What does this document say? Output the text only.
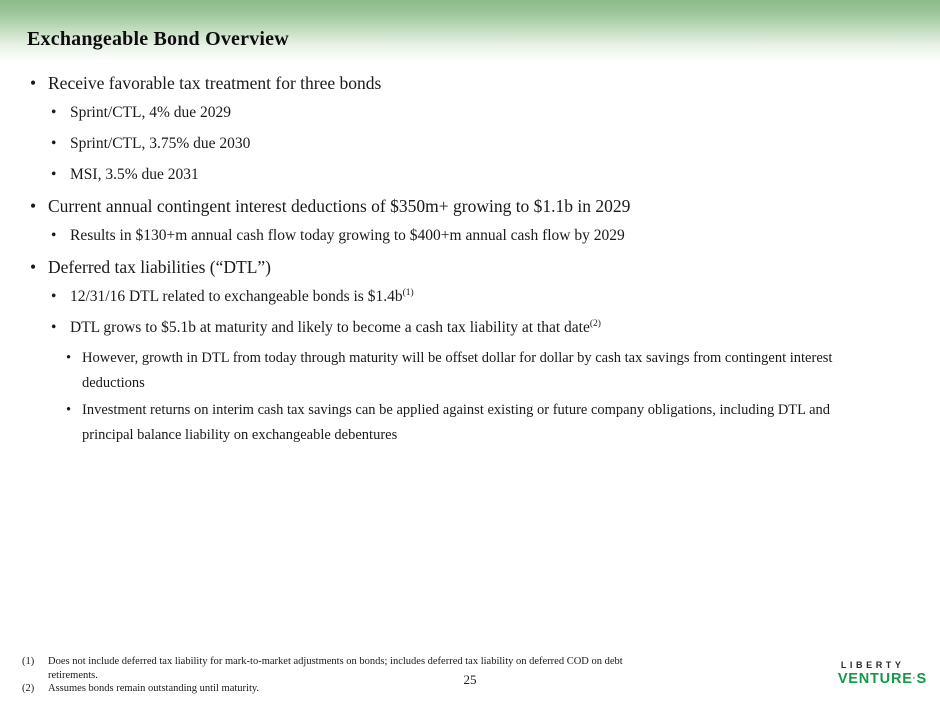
Exchangeable Bond Overview
• Receive favorable tax treatment for three bonds
• Sprint/CTL, 4% due 2029
• Sprint/CTL, 3.75% due 2030
• MSI, 3.5% due 2031
• Current annual contingent interest deductions of $350m+ growing to $1.1b in 2029
• Results in $130+m annual cash flow today growing to $400+m annual cash flow by 2029
• Deferred tax liabilities (“DTL”)
• 12/31/16 DTL related to exchangeable bonds is $\$1.4b^{(1)}$
• DTL grows to $5.1b at maturity and likely to become a cash tax liability at that date$^{(2)}$
• However, growth in DTL from today through maturity will be offset dollar for dollar by cash tax savings from contingent interest deductions
• Investment returns on interim cash tax savings can be applied against existing or future company obligations, including DTL and principal balance liability on exchangeable debentures
(1)	Does not include deferred tax liability for mark-to-market adjustments on bonds; includes deferred tax liability on deferred COD on debt retirements.
(2)	Assumes bonds remain outstanding until maturity.
25
LIBERTY
VENTURE·S
